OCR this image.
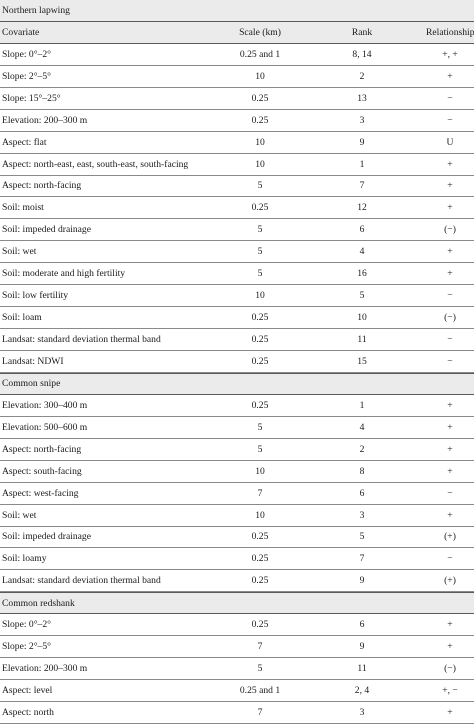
Northern lapwing
Covariate	Scale (km)	Rank	Relationship
Slope: 0°–2°	0.25 and 1	8, 14	+, +
Slope: 2°–5°	10	2	+
Slope: 15°–25°	0.25	13	−
Elevation: 200–300 m	0.25	3	−
Aspect: flat	10	9	U
Aspect: north-east, east, south-east, south-facing	10	1	+
Aspect: north-facing	5	7	+
Soil: moist	0.25	12	+
Soil: impeded drainage	5	6	(−)
Soil: wet	5	4	+
Soil: moderate and high fertility	5	16	+
Soil: low fertility	10	5	−
Soil: loam	0.25	10	(−)
Landsat: standard deviation thermal band	0.25	11	−
Landsat: NDWI	0.25	15	−
Common snipe
Elevation: 300–400 m	0.25	1	+
Elevation: 500–600 m	5	4	+
Aspect: north-facing	5	2	+
Aspect: south-facing	10	8	+
Aspect: west-facing	7	6	−
Soil: wet	10	3	+
Soil: impeded drainage	0.25	5	(+)
Soil: loamy	0.25	7	−
Landsat: standard deviation thermal band	0.25	9	(+)
Common redshank
Slope: 0°–2°	0.25	6	+
Slope: 2°–5°	7	9	+
Elevation: 200–300 m	5	11	(−)
Aspect: level	0.25 and 1	2, 4	+, −
Aspect: north	7	3	+
